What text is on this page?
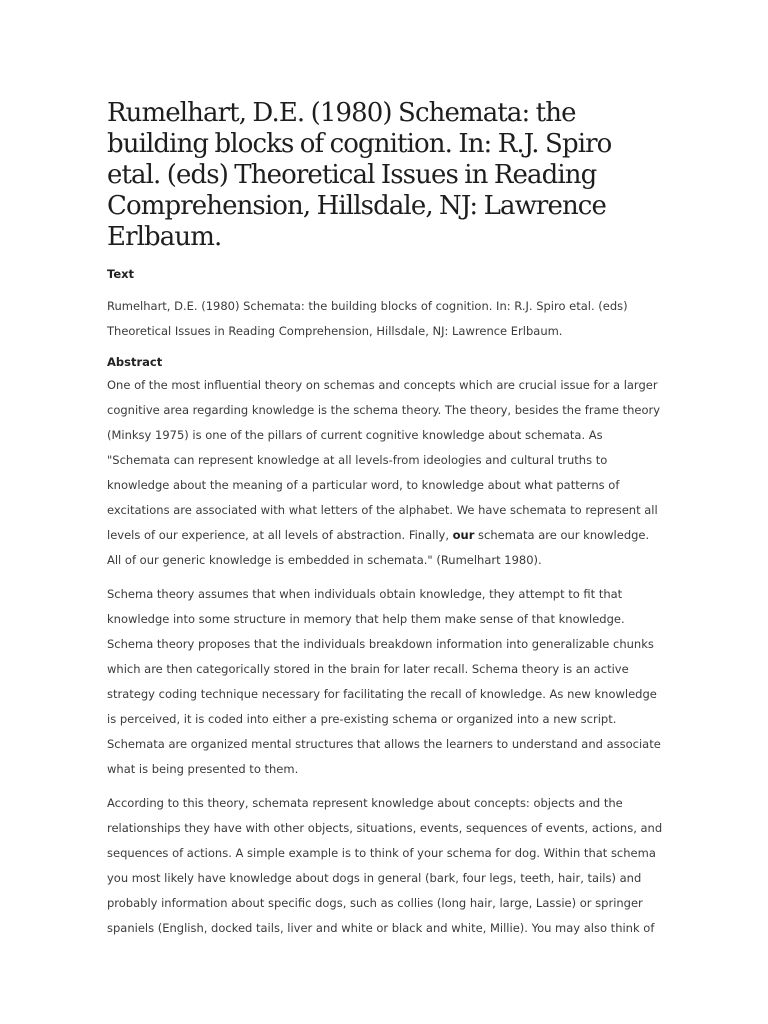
Rumelhart, D.E. (1980) Schemata: the building blocks of cognition. In: R.J. Spiro etal. (eds) Theoretical Issues in Reading Comprehension, Hillsdale, NJ: Lawrence Erlbaum.

Text

Rumelhart, D.E. (1980) Schemata: the building blocks of cognition. In: R.J. Spiro etal. (eds) Theoretical Issues in Reading Comprehension, Hillsdale, NJ: Lawrence Erlbaum.

Abstract

One of the most influential theory on schemas and concepts which are crucial issue for a larger cognitive area regarding knowledge is the schema theory. The theory, besides the frame theory (Minksy 1975) is one of the pillars of current cognitive knowledge about schemata. As "Schemata can represent knowledge at all levels-from ideologies and cultural truths to knowledge about the meaning of a particular word, to knowledge about what patterns of excitations are associated with what letters of the alphabet. We have schemata to represent all levels of our experience, at all levels of abstraction. Finally, our schemata are our knowledge. All of our generic knowledge is embedded in schemata." (Rumelhart 1980).

Schema theory assumes that when individuals obtain knowledge, they attempt to fit that knowledge into some structure in memory that help them make sense of that knowledge. Schema theory proposes that the individuals breakdown information into generalizable chunks which are then categorically stored in the brain for later recall. Schema theory is an active strategy coding technique necessary for facilitating the recall of knowledge. As new knowledge is perceived, it is coded into either a pre-existing schema or organized into a new script. Schemata are organized mental structures that allows the learners to understand and associate what is being presented to them.

According to this theory, schemata represent knowledge about concepts: objects and the relationships they have with other objects, situations, events, sequences of events, actions, and sequences of actions. A simple example is to think of your schema for dog. Within that schema you most likely have knowledge about dogs in general (bark, four legs, teeth, hair, tails) and probably information about specific dogs, such as collies (long hair, large, Lassie) or springer spaniels (English, docked tails, liver and white or black and white, Millie). You may also think of
